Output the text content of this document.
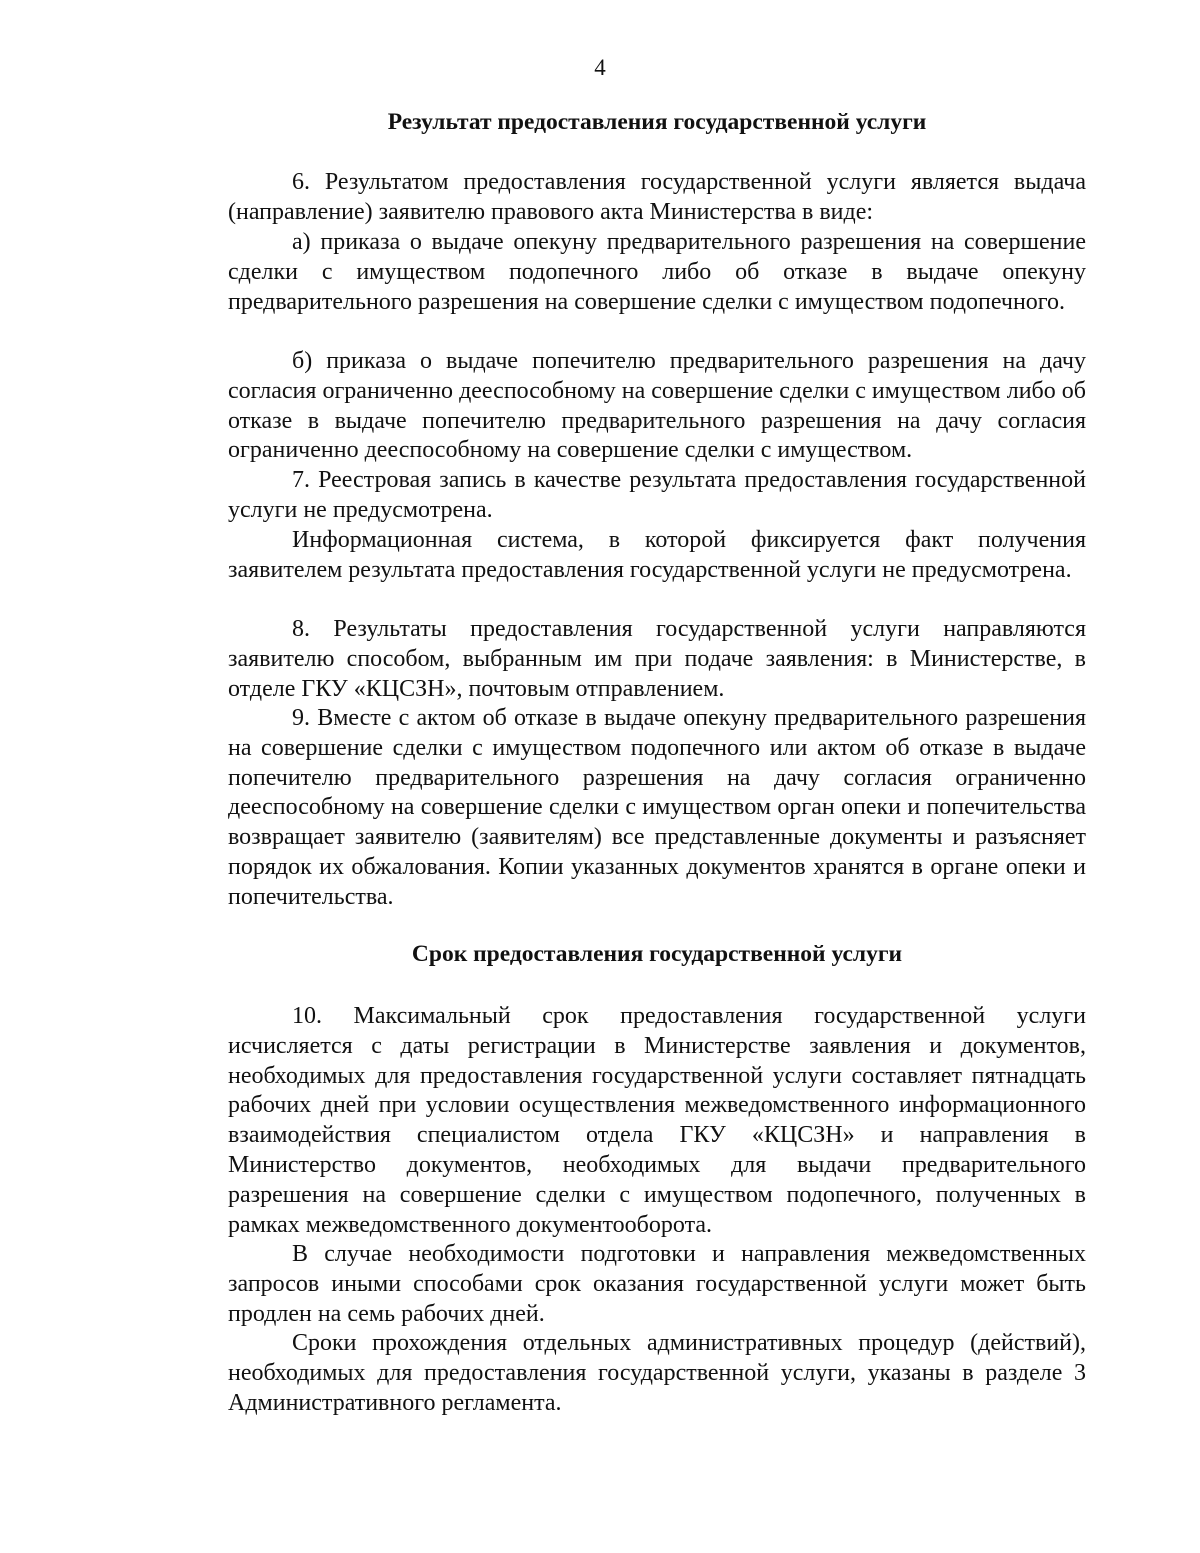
4
Результат предоставления государственной услуги

6. Результатом предоставления государственной услуги является выдача (направление) заявителю правового акта Министерства в виде:

а) приказа о выдаче опекуну предварительного разрешения на совершение сделки с имуществом подопечного либо об отказе в выдаче опекуну предварительного разрешения на совершение сделки с имуществом подопечного.

б) приказа о выдаче попечителю предварительного разрешения на дачу согласия ограниченно дееспособному на совершение сделки с имуществом либо об отказе в выдаче попечителю предварительного разрешения на дачу согласия ограниченно дееспособному на совершение сделки с имуществом.

7. Реестровая запись в качестве результата предоставления государственной услуги не предусмотрена.

Информационная система, в которой фиксируется факт получения заявителем результата предоставления государственной услуги не предусмотрена.

8. Результаты предоставления государственной услуги направляются заявителю способом, выбранным им при подаче заявления: в Министерстве, в отделе ГКУ «КЦСЗН», почтовым отправлением.

9. Вместе с актом об отказе в выдаче опекуну предварительного разрешения на совершение сделки с имуществом подопечного или актом об отказе в выдаче попечителю предварительного разрешения на дачу согласия ограниченно дееспособному на совершение сделки с имуществом орган опеки и попечительства возвращает заявителю (заявителям) все представленные документы и разъясняет порядок их обжалования. Копии указанных документов хранятся в органе опеки и попечительства.

Срок предоставления государственной услуги

10. Максимальный срок предоставления государственной услуги исчисляется с даты регистрации в Министерстве заявления и документов, необходимых для предоставления государственной услуги составляет пятнадцать рабочих дней при условии осуществления межведомственного информационного взаимодействия специалистом отдела ГКУ «КЦСЗН» и направления в Министерство документов, необходимых для выдачи предварительного разрешения на совершение сделки с имуществом подопечного, полученных в рамках межведомственного документооборота.

В случае необходимости подготовки и направления межведомственных запросов иными способами срок оказания государственной услуги может быть продлен на семь рабочих дней.

Сроки прохождения отдельных административных процедур (действий), необходимых для предоставления государственной услуги, указаны в разделе 3 Административного регламента.
